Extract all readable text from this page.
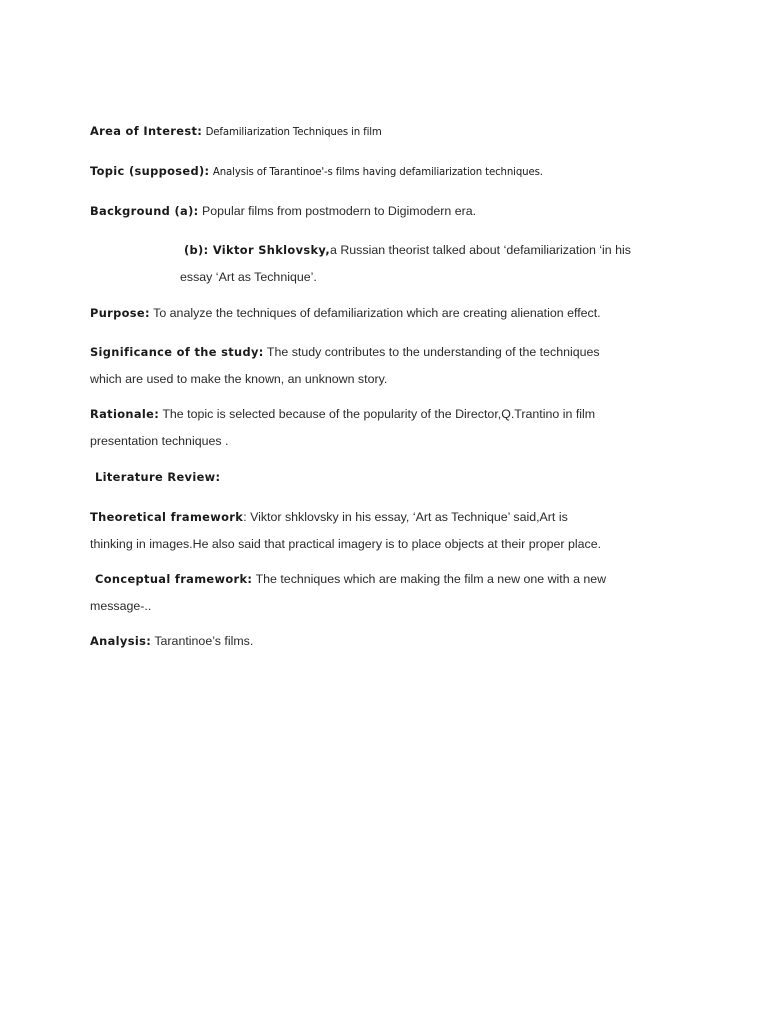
Area of Interest: Defamiliarization Techniques in film
Topic (supposed): Analysis of Tarantinoe'-s films having defamiliarization techniques.
Background (a): Popular films from postmodern to Digimodern era.
(b): Viktor Shklovsky,a Russian theorist talked about ‘defamiliarization ‘in his
essay ‘Art as Technique’.
Purpose: To analyze the techniques of defamiliarization which are creating alienation effect.
Significance of the study: The study contributes to the understanding of the techniques
which are used to make the known, an unknown story.
Rationale: The topic is selected because of the popularity of the Director,Q.Trantino in film
presentation techniques .
Literature Review:
Theoretical framework: Viktor shklovsky in his essay, ‘Art as Technique’ said,Art is
thinking in images.He also said that practical imagery is to place objects at their proper place.
Conceptual framework: The techniques which are making the film a new one with a new
message-..
Analysis: Tarantinoe’s films.
